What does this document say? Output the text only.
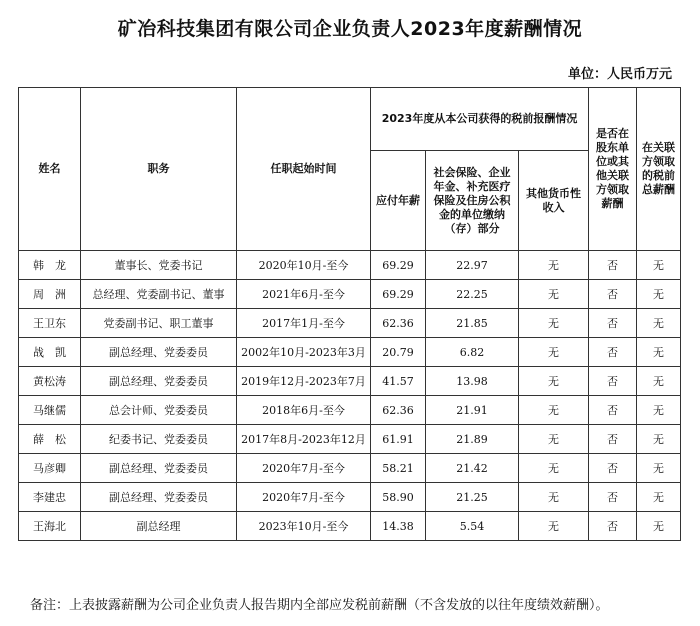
矿冶科技集团有限公司企业负责人2023年度薪酬情况
单位：人民币万元
姓名	职务	任职起始时间	2023年度从本公司获得的税前报酬情况			是否在股东单位或其他关联方领取薪酬	在关联方领取的税前总薪酬
			应付年薪	社会保险、企业年金、补充医疗保险及住房公积金的单位缴纳（存）部分	其他货币性收入		
韩　龙	董事长、党委书记	2020年10月-至今	69.29	22.97	无	否	无
周　洲	总经理、党委副书记、董事	2021年6月-至今	69.29	22.25	无	否	无
王卫东	党委副书记、职工董事	2017年1月-至今	62.36	21.85	无	否	无
战　凯	副总经理、党委委员	2002年10月-2023年3月	20.79	6.82	无	否	无
黄松涛	副总经理、党委委员	2019年12月-2023年7月	41.57	13.98	无	否	无
马继儒	总会计师、党委委员	2018年6月-至今	62.36	21.91	无	否	无
薛　松	纪委书记、党委委员	2017年8月-2023年12月	61.91	21.89	无	否	无
马彦卿	副总经理、党委委员	2020年7月-至今	58.21	21.42	无	否	无
李建忠	副总经理、党委委员	2020年7月-至今	58.90	21.25	无	否	无
王海北	副总经理	2023年10月-至今	14.38	5.54	无	否	无
备注：上表披露薪酬为公司企业负责人报告期内全部应发税前薪酬（不含发放的以往年度绩效薪酬）。
